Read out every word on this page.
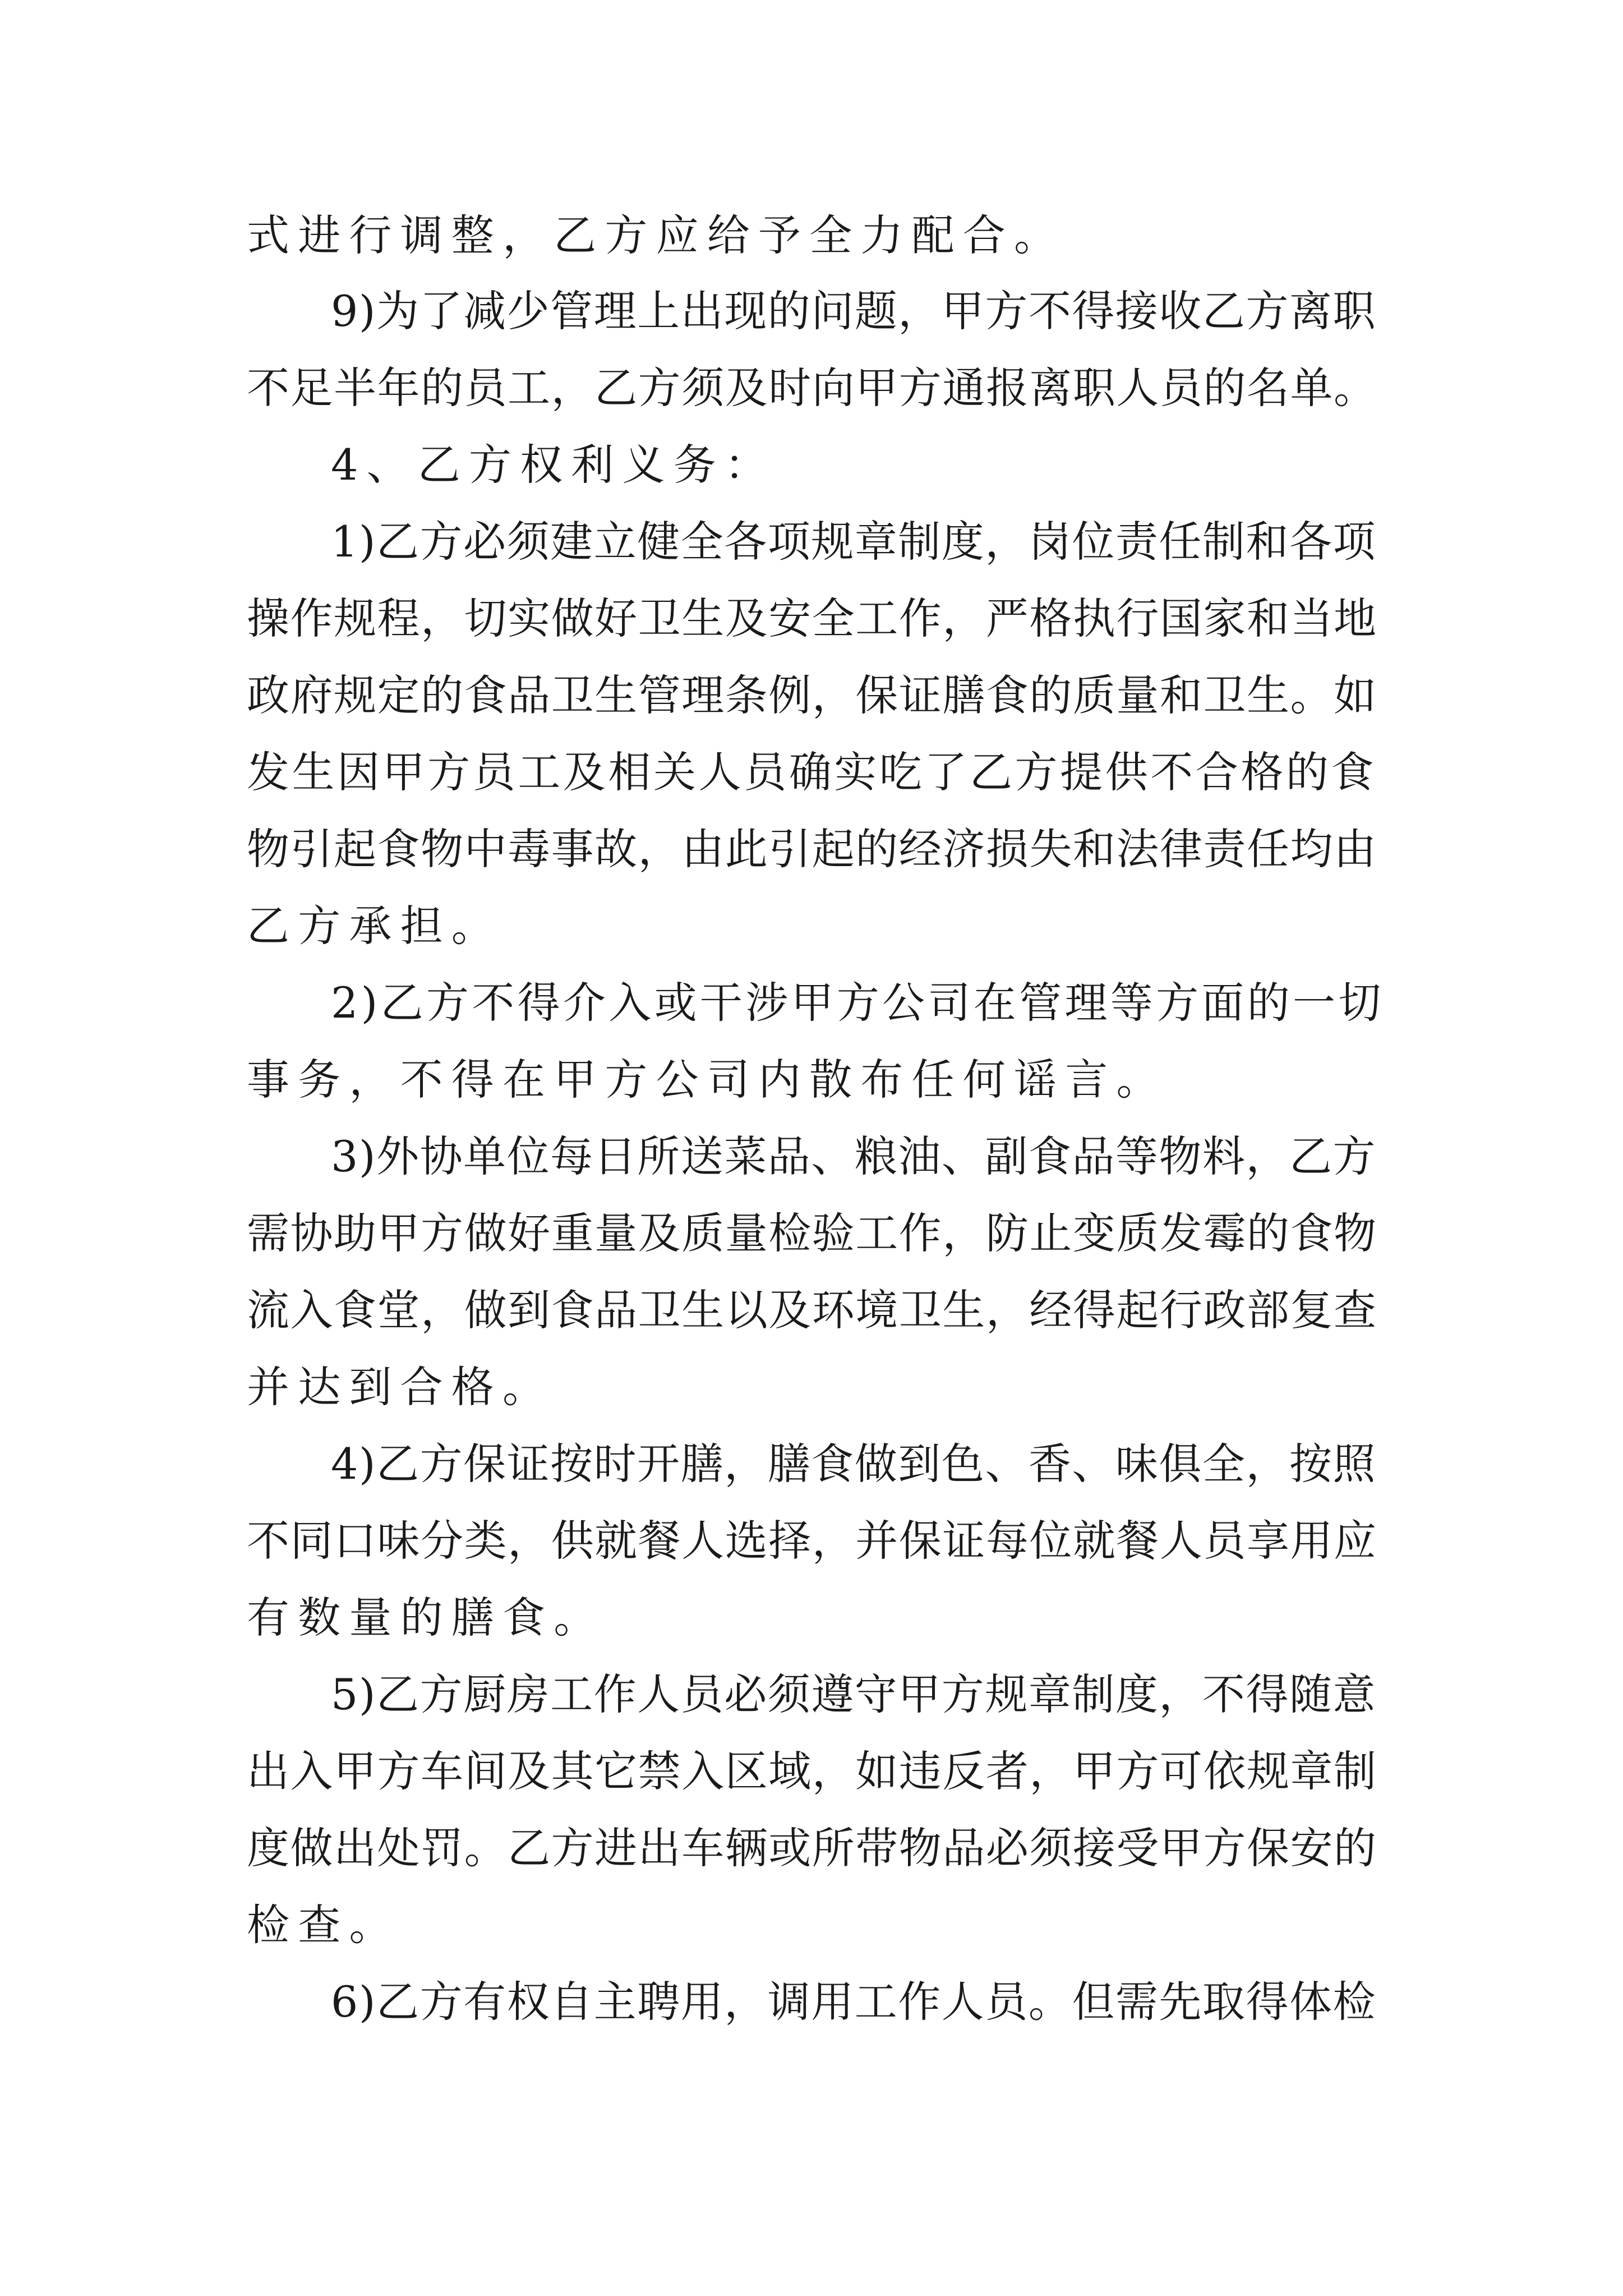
式进行调整，乙方应给予全力配合。
9)为了减少管理上出现的问题，甲方不得接收乙方离职
不足半年的员工，乙方须及时向甲方通报离职人员的名单。
4、乙方权利义务：
1)乙方必须建立健全各项规章制度，岗位责任制和各项
操作规程，切实做好卫生及安全工作，严格执行国家和当地
政府规定的食品卫生管理条例，保证膳食的质量和卫生。如
发生因甲方员工及相关人员确实吃了乙方提供不合格的食
物引起食物中毒事故，由此引起的经济损失和法律责任均由
乙方承担。
2)乙方不得介入或干涉甲方公司在管理等方面的一切
事务，不得在甲方公司内散布任何谣言。
3)外协单位每日所送菜品、粮油、副食品等物料，乙方
需协助甲方做好重量及质量检验工作，防止变质发霉的食物
流入食堂，做到食品卫生以及环境卫生，经得起行政部复查
并达到合格。
4)乙方保证按时开膳，膳食做到色、香、味俱全，按照
不同口味分类，供就餐人选择，并保证每位就餐人员享用应
有数量的膳食。
5)乙方厨房工作人员必须遵守甲方规章制度，不得随意
出入甲方车间及其它禁入区域，如违反者，甲方可依规章制
度做出处罚。乙方进出车辆或所带物品必须接受甲方保安的
检查。
6)乙方有权自主聘用，调用工作人员。但需先取得体检
